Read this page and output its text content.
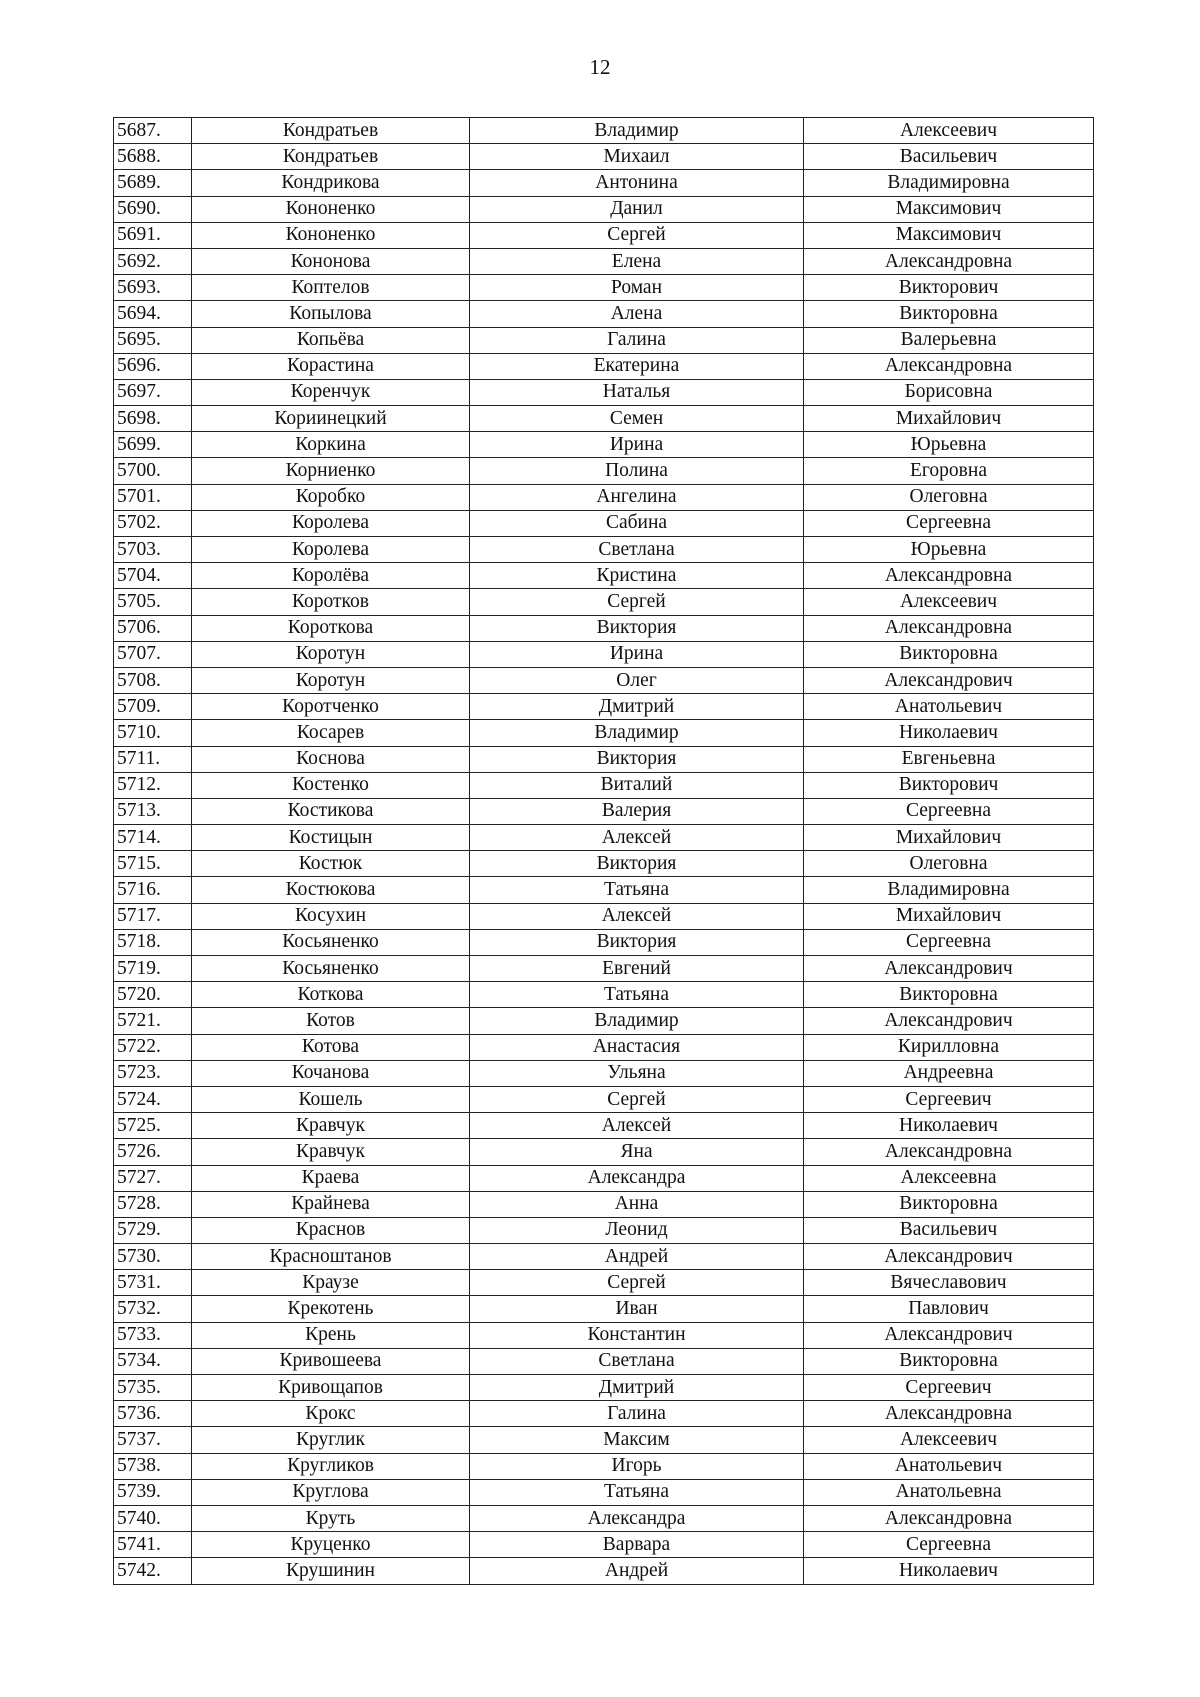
12
5687.	Кондратьев	Владимир	Алексеевич
5688.	Кондратьев	Михаил	Васильевич
5689.	Кондрикова	Антонина	Владимировна
5690.	Кононенко	Данил	Максимович
5691.	Кононенко	Сергей	Максимович
5692.	Кононова	Елена	Александровна
5693.	Коптелов	Роман	Викторович
5694.	Копылова	Алена	Викторовна
5695.	Копьёва	Галина	Валерьевна
5696.	Корастина	Екатерина	Александровна
5697.	Коренчук	Наталья	Борисовна
5698.	Кориинецкий	Семен	Михайлович
5699.	Коркина	Ирина	Юрьевна
5700.	Корниенко	Полина	Егоровна
5701.	Коробко	Ангелина	Олеговна
5702.	Королева	Сабина	Сергеевна
5703.	Королева	Светлана	Юрьевна
5704.	Королёва	Кристина	Александровна
5705.	Коротков	Сергей	Алексеевич
5706.	Короткова	Виктория	Александровна
5707.	Коротун	Ирина	Викторовна
5708.	Коротун	Олег	Александрович
5709.	Коротченко	Дмитрий	Анатольевич
5710.	Косарев	Владимир	Николаевич
5711.	Коснова	Виктория	Евгеньевна
5712.	Костенко	Виталий	Викторович
5713.	Костикова	Валерия	Сергеевна
5714.	Костицын	Алексей	Михайлович
5715.	Костюк	Виктория	Олеговна
5716.	Костюкова	Татьяна	Владимировна
5717.	Косухин	Алексей	Михайлович
5718.	Косьяненко	Виктория	Сергеевна
5719.	Косьяненко	Евгений	Александрович
5720.	Коткова	Татьяна	Викторовна
5721.	Котов	Владимир	Александрович
5722.	Котова	Анастасия	Кирилловна
5723.	Кочанова	Ульяна	Андреевна
5724.	Кошель	Сергей	Сергеевич
5725.	Кравчук	Алексей	Николаевич
5726.	Кравчук	Яна	Александровна
5727.	Краева	Александра	Алексеевна
5728.	Крайнева	Анна	Викторовна
5729.	Краснов	Леонид	Васильевич
5730.	Красноштанов	Андрей	Александрович
5731.	Краузе	Сергей	Вячеславович
5732.	Крекотень	Иван	Павлович
5733.	Крень	Константин	Александрович
5734.	Кривошеева	Светлана	Викторовна
5735.	Кривощапов	Дмитрий	Сергеевич
5736.	Крокс	Галина	Александровна
5737.	Круглик	Максим	Алексеевич
5738.	Кругликов	Игорь	Анатольевич
5739.	Круглова	Татьяна	Анатольевна
5740.	Круть	Александра	Александровна
5741.	Круценко	Варвара	Сергеевна
5742.	Крушинин	Андрей	Николаевич
